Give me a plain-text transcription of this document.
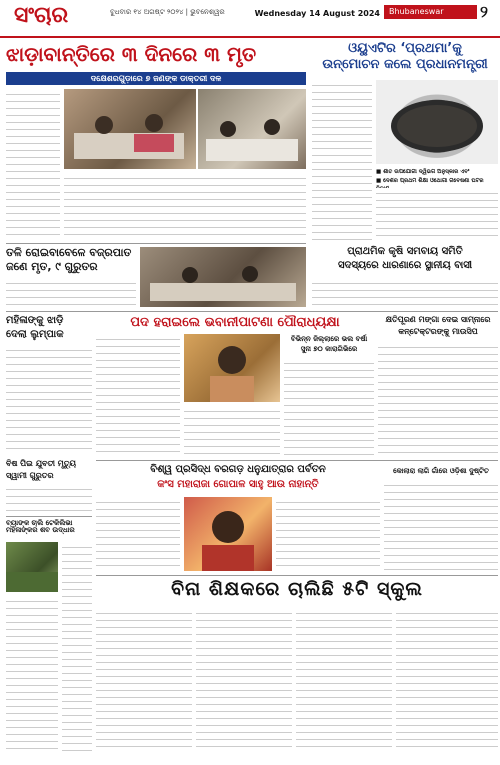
ସଂଚାର	ବୁଧବାର ୧୪ ଅଗଷ୍ଟ ୨୦୨୪ | ଭୁବନେଶ୍ୱର	Wednesday 14 August 2024	Bhubaneswar	୨
ଝାଡ଼ାବାନ୍ତିରେ ୩ ଦିନରେ ୩ ମୃତ
ଦକ୍ଷେଶରଗୁଡ଼ାରେ ୭ ଜଣଙ୍କ ଡାକ୍ତରୀ ଦଳ
ଓୟୁଏଟିର ‘ପ୍ରଥମା’କୁ
ଉନ୍ମୋଚନ କଲେ ପ୍ରଧାନମନ୍ତ୍ରୀ
■ ଶୀତ ଉପଯୋଗୀ ଦ୍ୱିଭଗ ଅନୁସ୍କାର ଏବଂ
■ ଦେଶର ପ୍ରଥମ ଶିକ୍ଷା ଓଥୋଗୀ ଗବେଷଣା ଘଟର
ତଳି ରୋଇବାବେଳେ ବଜ୍ରପାତ
ଜଣେ ମୃତ, ୯ ଗୁରୁତର
ପ୍ରାଥମିକ କୃଷି ସମବାୟ ସମିତି
ସଦସ୍ୟରେ ଧାରଣାରେ ସ୍ଥାନୀୟ ବାସୀ
ମହିଳାଙ୍କୁ ଝାଡ଼ି
ଦେଲା ଲୁମ୍ପାକ
ପଦ ହରାଇଲେ ଭବାନୀପାଟଣା ପୌରାଧ୍ୟକ୍ଷା
ବିଭିନ୍ନ ଜିଲ୍ଲାରେ ଭଲ ବର୍ଷା
ସୁନା ୭୦ କାରାଗିଭିରେ
କ୍ଷତିପୂରଣ ମଙ୍ଗା ଦେଇ ସାମ୍ନାରେ
କନ୍ଟେକ୍ଟରଙ୍କୁ ମାଉସିପ
ବିଷ ପିଇ ଯୁବତୀ ମୃତ୍ୟୁ
ସ୍ୱାମୀ ଗୁରୁତର
ବିଶ୍ୱ ପ୍ରସିଦ୍ଧ ବରଗଡ଼ ଧନୁଯାତ୍ରାର ପର୍ବତନ
କଂସ ମହାରାଜା ଗୋପାଳ ସାହୁ ଆଉ ନାହାନ୍ତି
କୋଲାରା ଲାଗି ଗାଁରେ ଓଡ଼ିଶା ଦୁଷ୍ଟିତ
ବ୍ୟାଙ୍କ ଚାଲି ଟେକିଲିଭା ମହିଳାଙ୍କର ଶବ ଉଦ୍ଧାର
ବିନା ଶିକ୍ଷକରେ ଚାଲିଛି ୫ଟି ସ୍କୁଲ
